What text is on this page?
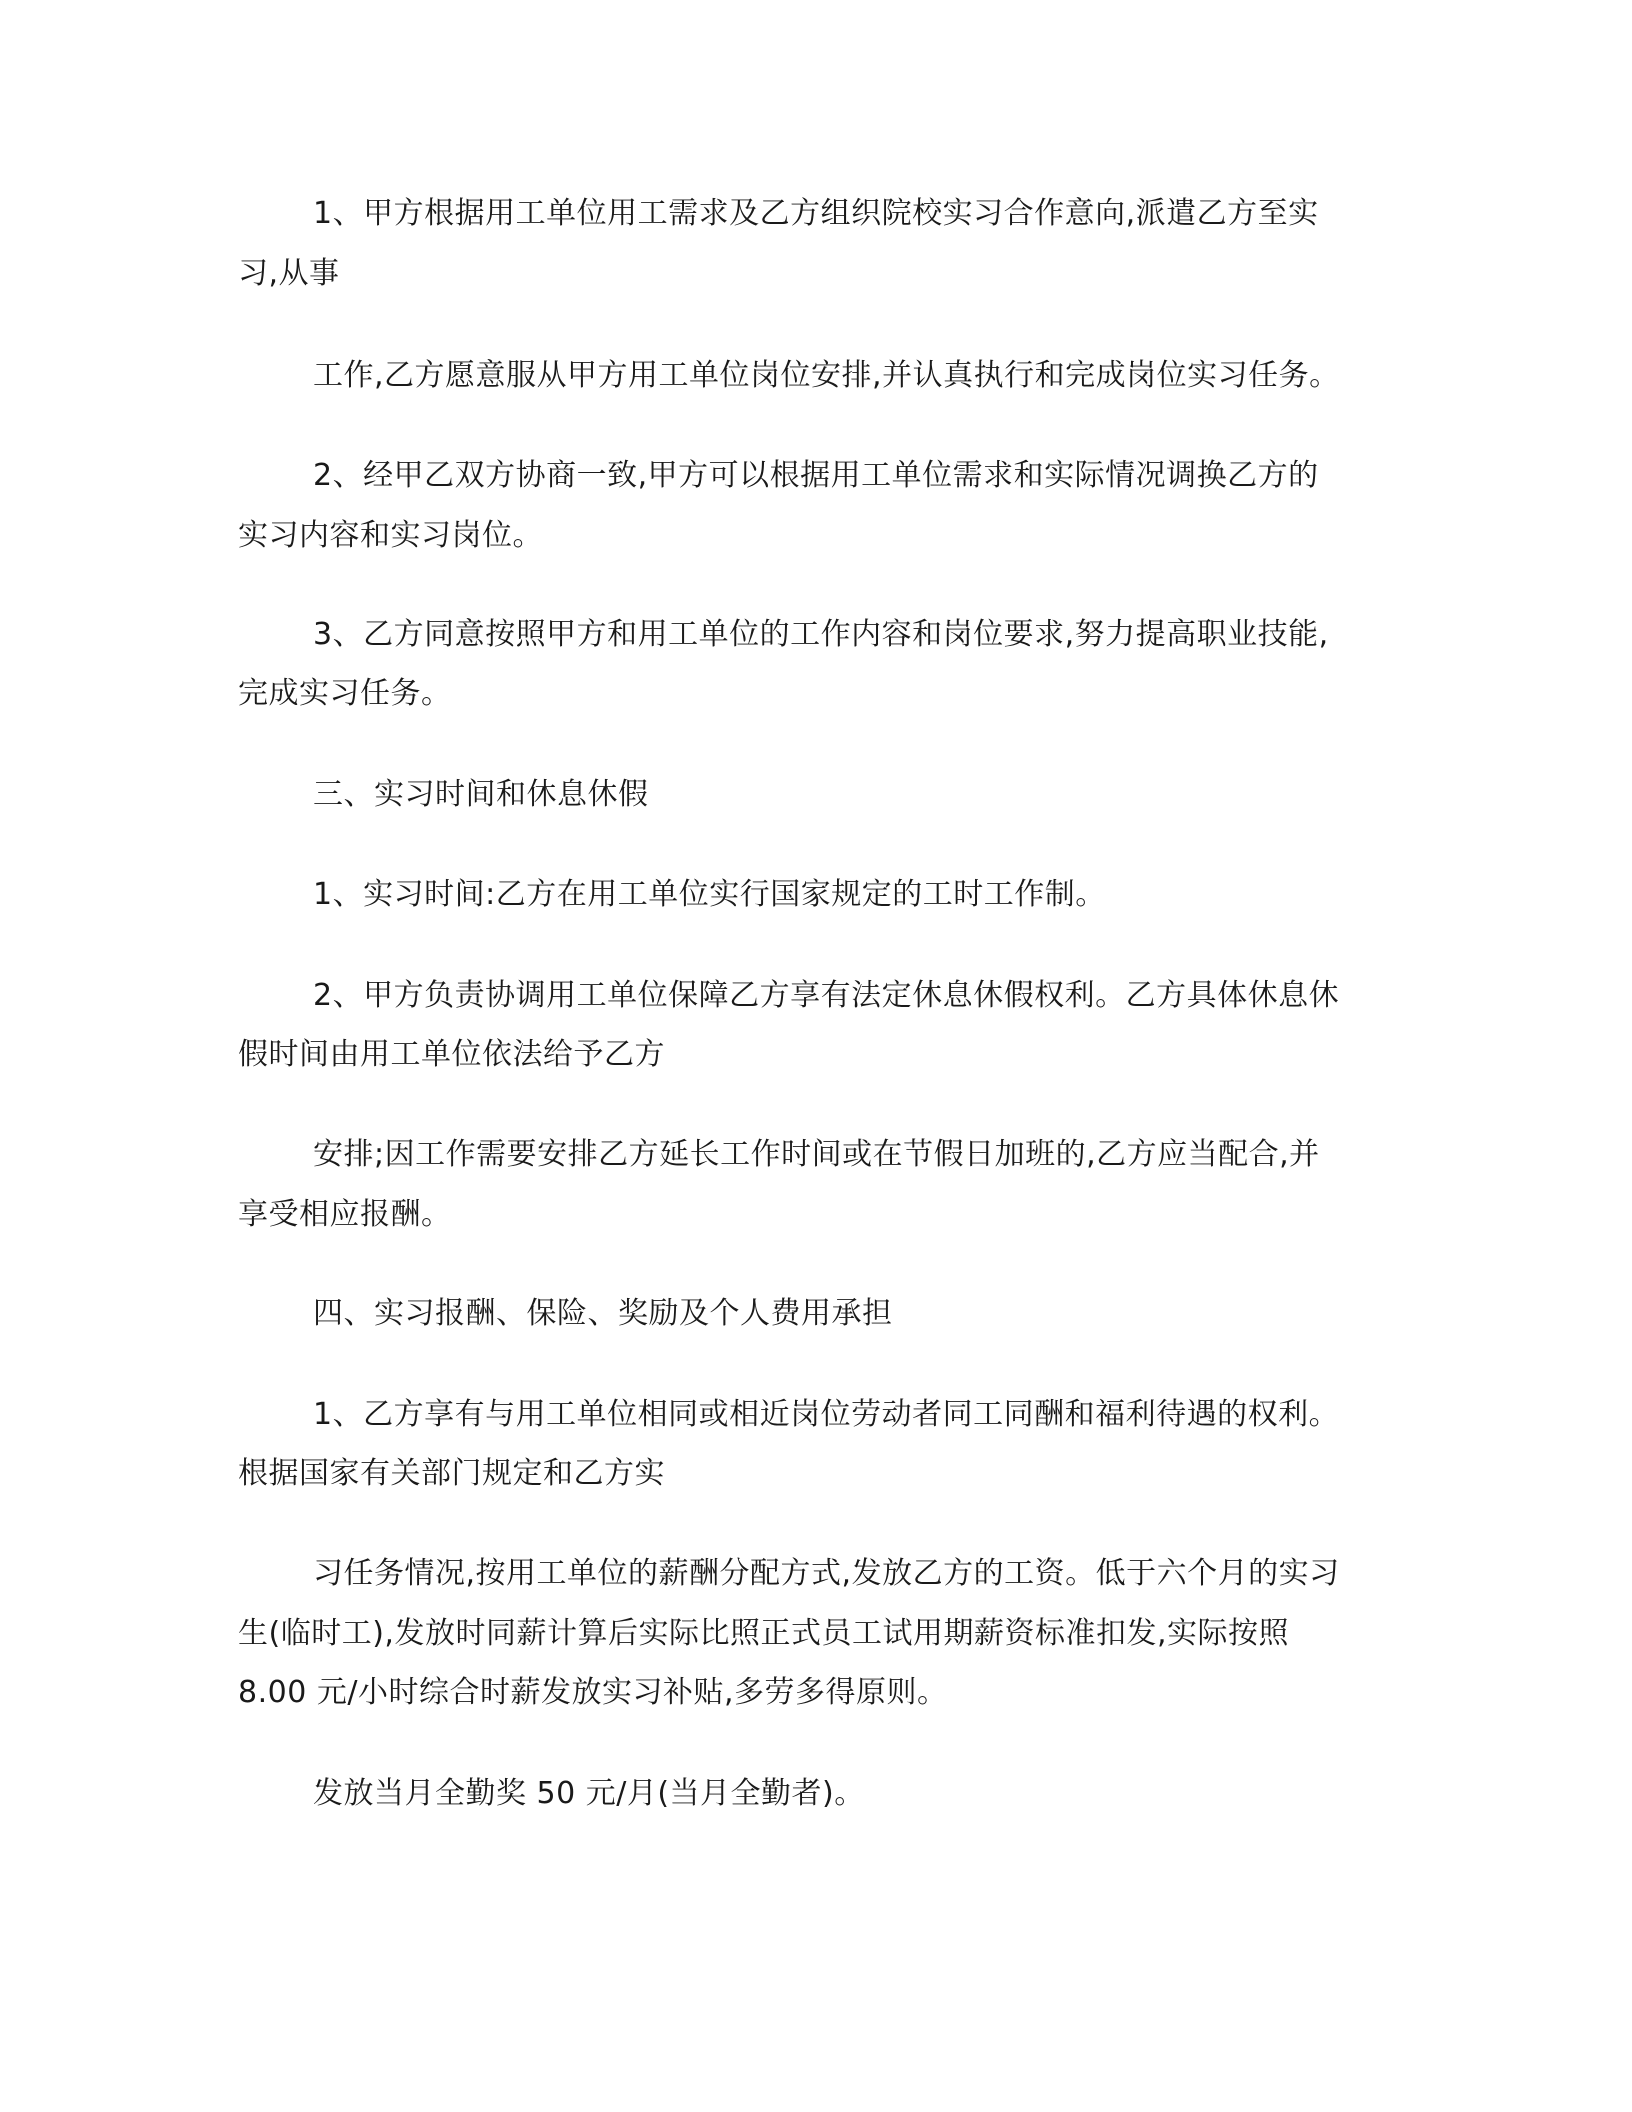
1、甲方根据用工单位用工需求及乙方组织院校实习合作意向,派遣乙方至实
习,从事
工作,乙方愿意服从甲方用工单位岗位安排,并认真执行和完成岗位实习任务。
2、经甲乙双方协商一致,甲方可以根据用工单位需求和实际情况调换乙方的
实习内容和实习岗位。
3、乙方同意按照甲方和用工单位的工作内容和岗位要求,努力提高职业技能,
完成实习任务。
三、实习时间和休息休假
1、实习时间:乙方在用工单位实行国家规定的工时工作制。
2、甲方负责协调用工单位保障乙方享有法定休息休假权利。乙方具体休息休
假时间由用工单位依法给予乙方
安排;因工作需要安排乙方延长工作时间或在节假日加班的,乙方应当配合,并
享受相应报酬。
四、实习报酬、保险、奖励及个人费用承担
1、乙方享有与用工单位相同或相近岗位劳动者同工同酬和福利待遇的权利。
根据国家有关部门规定和乙方实
习任务情况,按用工单位的薪酬分配方式,发放乙方的工资。低于六个月的实习
生(临时工),发放时同薪计算后实际比照正式员工试用期薪资标准扣发,实际按照
8.00 元/小时综合时薪发放实习补贴,多劳多得原则。
发放当月全勤奖 50 元/月(当月全勤者)。
